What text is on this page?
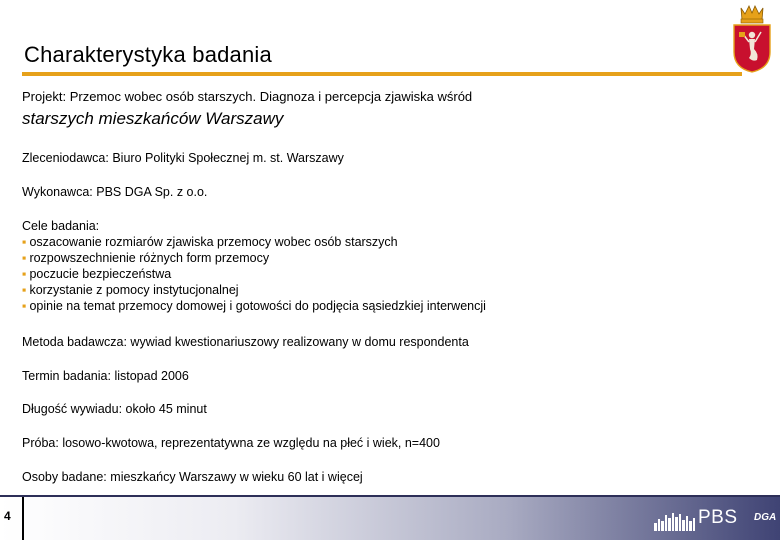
Charakterystyka badania
Projekt: Przemoc wobec osób starszych. Diagnoza i percepcja zjawiska wśród
starszych mieszkańców Warszawy
Zleceniodawca: Biuro Polityki Społecznej m. st. Warszawy
Wykonawca: PBS DGA Sp. z o.o.
Cele badania:
▪ oszacowanie rozmiarów zjawiska przemocy wobec osób starszych
▪ rozpowszechnienie różnych form przemocy
▪ poczucie bezpieczeństwa
▪ korzystanie z pomocy instytucjonalnej
▪ opinie na temat przemocy domowej i gotowości do podjęcia sąsiedzkiej interwencji
Metoda badawcza: wywiad kwestionariuszowy realizowany w domu respondenta
Termin badania: listopad 2006
Długość wywiadu: około 45 minut
Próba: losowo-kwotowa, reprezentatywna ze względu na płeć i wiek, n=400
Osoby badane: mieszkańcy Warszawy w wieku 60 lat i więcej
4	PBS DGA
